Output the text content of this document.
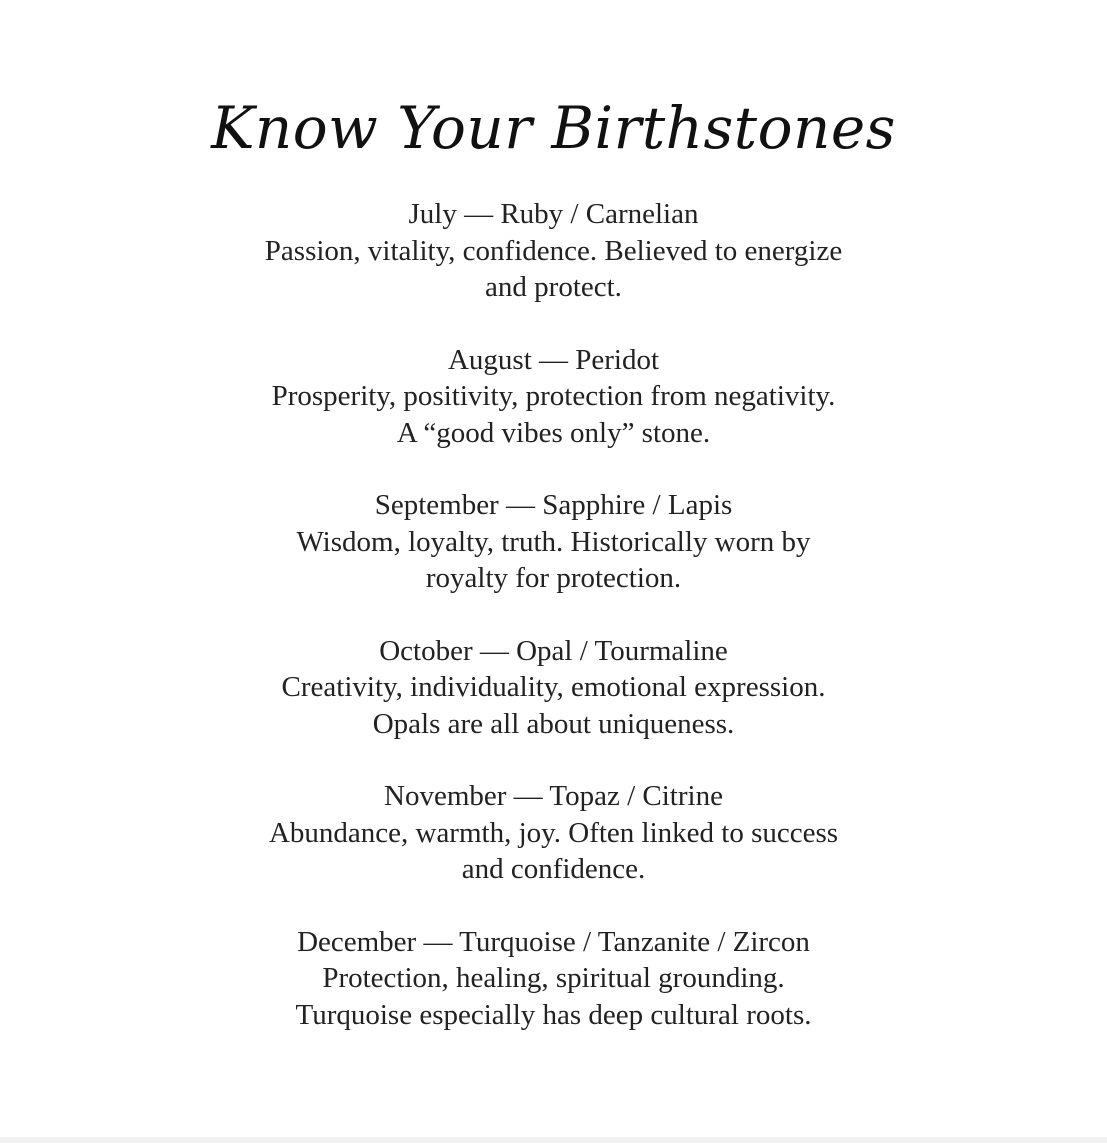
Know Your Birthstones
July — Ruby / Carnelian
Passion, vitality, confidence. Believed to energize
and protect.
August — Peridot
Prosperity, positivity, protection from negativity.
A “good vibes only” stone.
September — Sapphire / Lapis
Wisdom, loyalty, truth. Historically worn by
royalty for protection.
October — Opal / Tourmaline
Creativity, individuality, emotional expression.
Opals are all about uniqueness.
November — Topaz / Citrine
Abundance, warmth, joy. Often linked to success
and confidence.
December — Turquoise / Tanzanite / Zircon
Protection, healing, spiritual grounding.
Turquoise especially has deep cultural roots.
